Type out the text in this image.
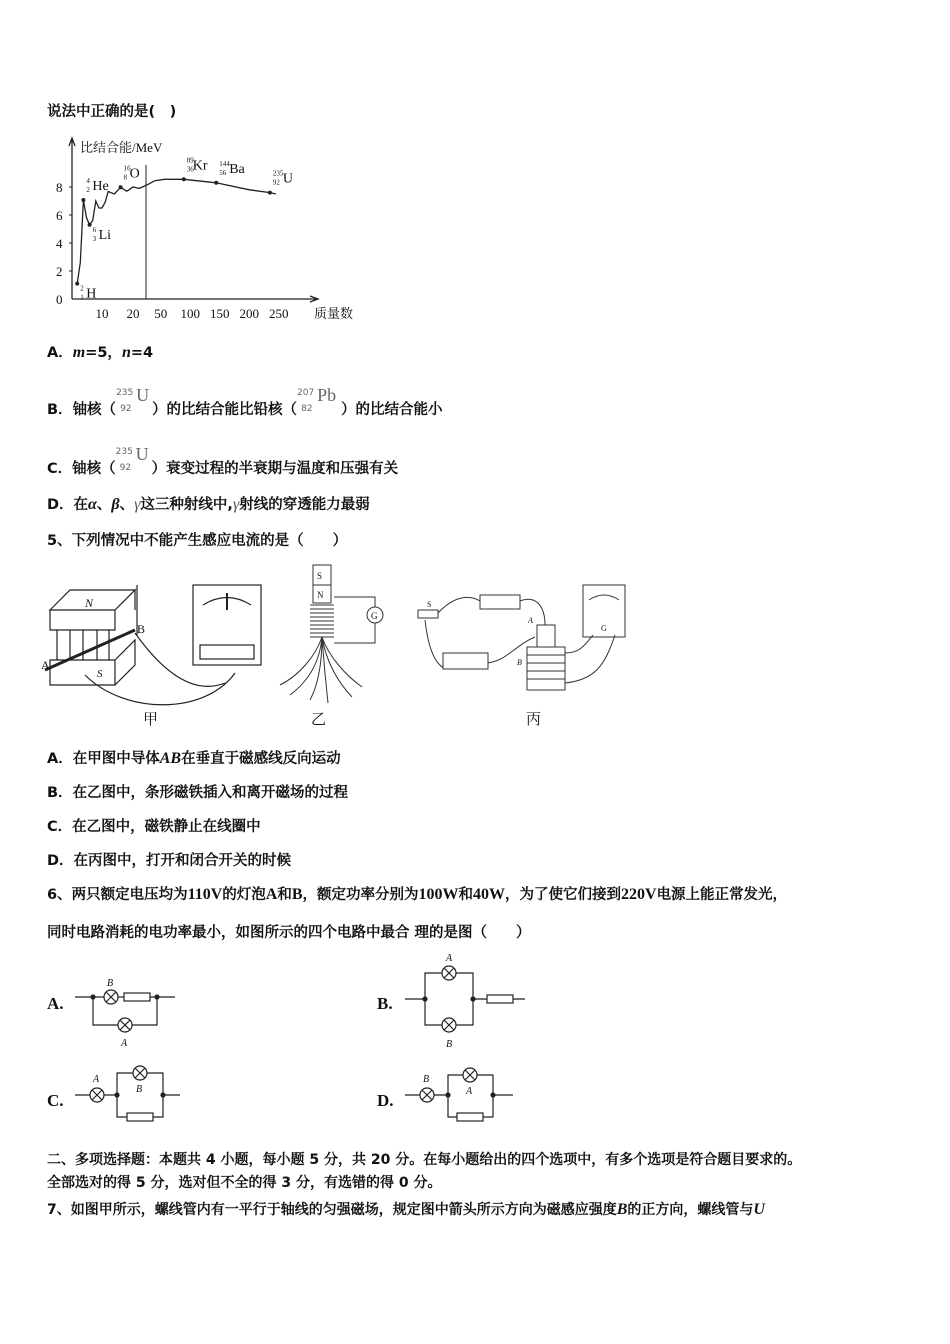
说法中正确的是(　)
比结合能/MeV
质量数
0
2
4
6
8
10 20 50 100 150 200 250
2
1 H
4
2 He
6
3 Li
16
8 O
89
36 Kr 144
56 Ba	235
92 U
A．m=5，n=4
B．铀核（
235
92
U
）的比结合能比铅核（
207
82
Pb
）的比结合能小
C．铀核（
235
92
U
）衰变过程的半衰期与温度和压强有关
D．在α、β、γ这三种射线中,γ射线的穿透能力最弱
5、下列情况中不能产生感应电流的是（　　）
N
S
A
B
甲
S
N
G
乙
S
A
B
G
丙
A．在甲图中导体AB在垂直于磁感线反向运动
B．在乙图中，条形磁铁插入和离开磁场的过程
C．在乙图中，磁铁静止在线圈中
D．在丙图中，打开和闭合开关的时候
6、两只额定电压均为110V的灯泡A和B，额定功率分别为100W和40W，为了使它们接到220V电源上能正常发光，
同时电路消耗的电功率最小，如图所示的四个电路中最合 理的是图（　　）
A.
B
A
B.
A
B
C.
A
B
D.
B
A
二、多项选择题：本题共 4 小题，每小题 5 分，共 20 分。在每小题给出的四个选项中，有多个选项是符合题目要求的。
全部选对的得 5 分，选对但不全的得 3 分，有选错的得 0 分。
7、如图甲所示，螺线管内有一平行于轴线的匀强磁场，规定图中箭头所示方向为磁感应强度B的正方向，螺线管与U
